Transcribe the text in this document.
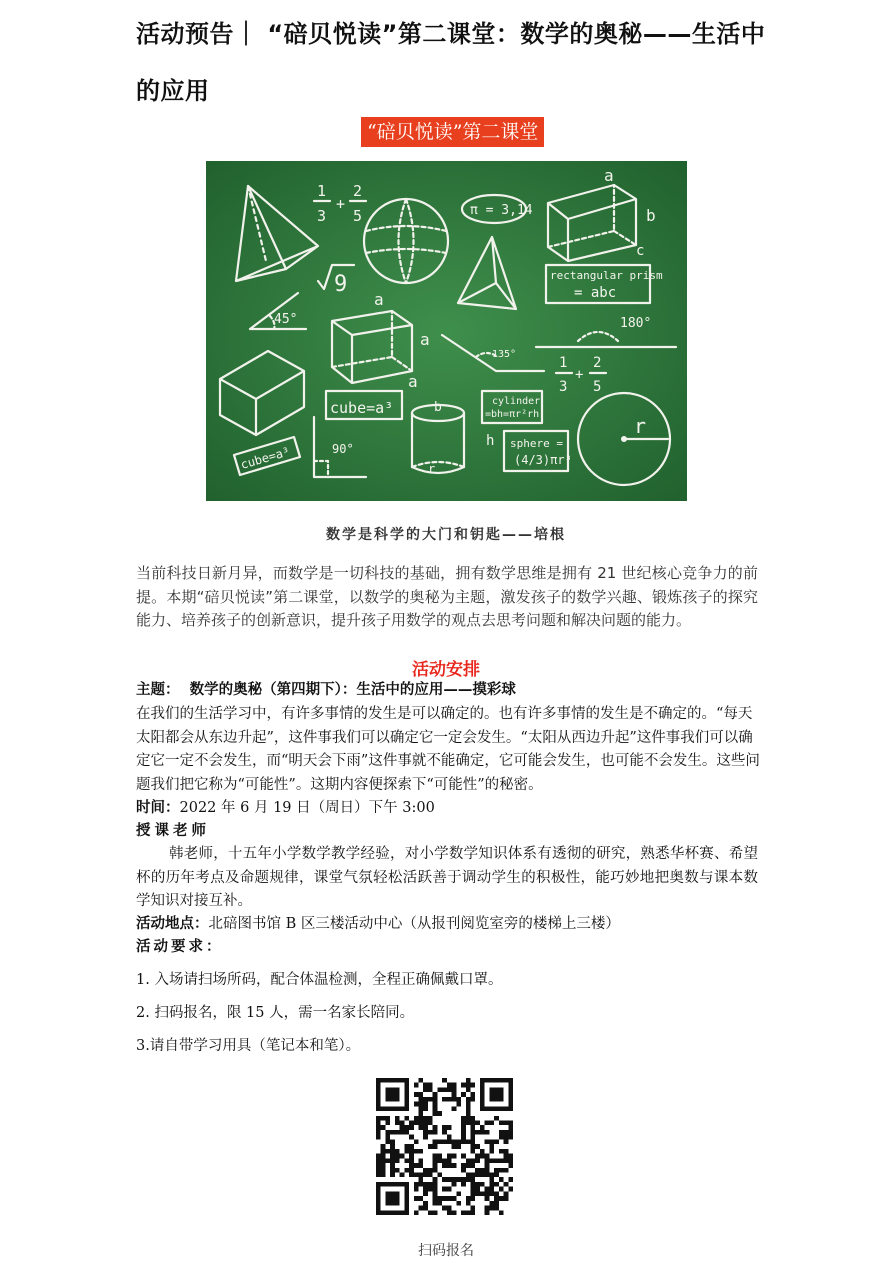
活动预告｜ “碚贝悦读”第二课堂：数学的奥秘——生活中的应用
“碚贝悦读”第二课堂
a
b
c
1
3
+
2
5	π = 3,14
rectangular prism
= abc
180°
45°
9
a
a
a
135°
cube=a³	b
h
r
cylinder
=bh=πr²rh
sphere =
(4/3)πr³
r
1
3
+
2
5
cube=a³	90°
数学是科学的大门和钥匙——培根
当前科技日新月异，而数学是一切科技的基础，拥有数学思维是拥有 21 世纪核心竞争力的前提。本期“碚贝悦读”第二课堂，以数学的奥秘为主题，激发孩子的数学兴趣、锻炼孩子的探究能力、培养孩子的创新意识，提升孩子用数学的观点去思考问题和解决问题的能力。
活动安排
主题： 数学的奥秘（第四期下）：生活中的应用——摸彩球
在我们的生活学习中，有许多事情的发生是可以确定的。也有许多事情的发生是不确定的。“每天太阳都会从东边升起”，这件事我们可以确定它一定会发生。“太阳从西边升起”这件事我们可以确定它一定不会发生，而“明天会下雨”这件事就不能确定，它可能会发生，也可能不会发生。这些问题我们把它称为“可能性”。这期内容便探索下“可能性”的秘密。
时间：2022 年 6 月 19 日（周日）下午 3:00
授课老师
韩老师，十五年小学数学教学经验，对小学数学知识体系有透彻的研究，熟悉华杯赛、希望杯的历年考点及命题规律，课堂气氛轻松活跃善于调动学生的积极性，能巧妙地把奥数与课本数学知识对接互补。
活动地点：北碚图书馆 B 区三楼活动中心（从报刊阅览室旁的楼梯上三楼）
活动要求：
1. 入场请扫场所码，配合体温检测，全程正确佩戴口罩。
2. 扫码报名，限 15 人，需一名家长陪同。
3.请自带学习用具（笔记本和笔）。
扫码报名
